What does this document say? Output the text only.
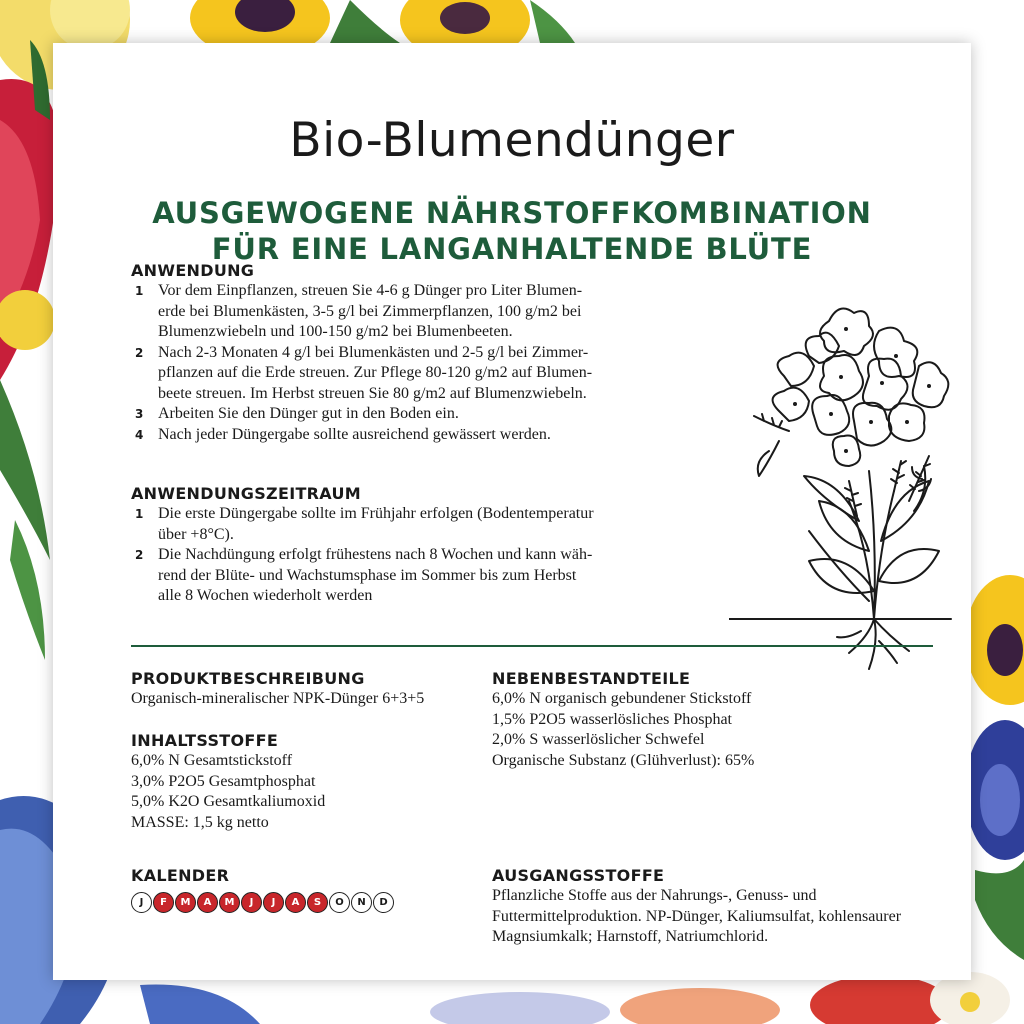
Bio-Blumendünger
AUSGEWOGENE NÄHRSTOFFKOMBINATION
FÜR EINE LANGANHALTENDE BLÜTE
ANWENDUNG
1 Vor dem Einpflanzen, streuen Sie 4-6 g Dünger pro Liter Blumen-
erde bei Blumenkästen, 3-5 g/l bei Zimmerpflanzen, 100 g/m2 bei
Blumenzwiebeln und 100-150 g/m2 bei Blumenbeeten.
2 Nach 2-3 Monaten 4 g/l bei Blumenkästen und 2-5 g/l bei Zimmer-
pflanzen auf die Erde streuen. Zur Pflege 80-120 g/m2 auf Blumen-
beete streuen. Im Herbst streuen Sie 80 g/m2 auf Blumenzwiebeln.
3 Arbeiten Sie den Dünger gut in den Boden ein.
4 Nach jeder Düngergabe sollte ausreichend gewässert werden.
ANWENDUNGSZEITRAUM
1 Die erste Düngergabe sollte im Frühjahr erfolgen (Bodentemperatur
über +8°C).
2 Die Nachdüngung erfolgt frühestens nach 8 Wochen und kann wäh-
rend der Blüte- und Wachstumsphase im Sommer bis zum Herbst
alle 8 Wochen wiederholt werden
PRODUKTBESCHREIBUNG

Organisch-mineralischer NPK-Dünger 6+3+5

INHALTSSTOFFE

6,0% N Gesamtstickstoff

3,0% P2O5 Gesamtphosphat

5,0% K2O Gesamtkaliumoxid

MASSE: 1,5 kg netto

KALENDER
J	F	M	A	M	J	J	A	S	O	N	D
NEBENBESTANDTEILE

6,0% N organisch gebundener Stickstoff

1,5% P2O5 wasserlösliches Phosphat

2,0% S wasserlöslicher Schwefel

Organische Substanz (Glühverlust): 65%

AUSGANGSSTOFFE

Pflanzliche Stoffe aus der Nahrungs-, Genuss- und

Futtermittelproduktion. NP-Dünger, Kaliumsulfat, kohlensaurer

Magnsiumkalk; Harnstoff, Natriumchlorid.
